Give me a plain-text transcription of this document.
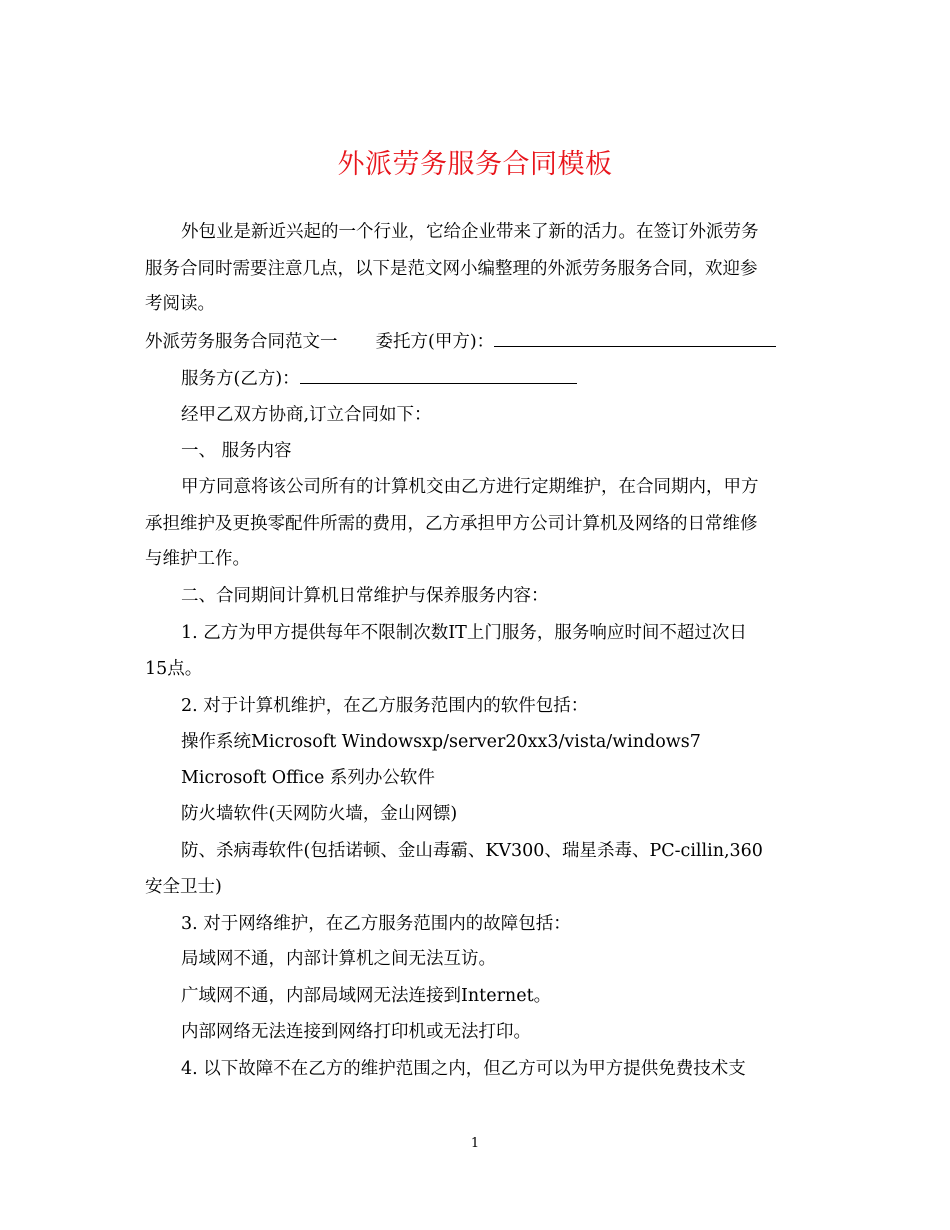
外派劳务服务合同模板
外包业是新近兴起的一个行业，它给企业带来了新的活力。在签订外派劳务
服务合同时需要注意几点，以下是范文网小编整理的外派劳务服务合同，欢迎参
考阅读。
外派劳务服务合同范文一 委托方(甲方)：
服务方(乙方)：
经甲乙双方协商,订立合同如下：
一、 服务内容
甲方同意将该公司所有的计算机交由乙方进行定期维护，在合同期内，甲方
承担维护及更换零配件所需的费用，乙方承担甲方公司计算机及网络的日常维修
与维护工作。
二、合同期间计算机日常维护与保养服务内容：
1. 乙方为甲方提供每年不限制次数IT上门服务，服务响应时间不超过次日
15点。
2. 对于计算机维护，在乙方服务范围内的软件包括：
操作系统Microsoft Windowsxp/server20xx3/vista/windows7
Microsoft Office 系列办公软件
防火墙软件(天网防火墙，金山网镖)
防、杀病毒软件(包括诺顿、金山毒霸、KV300、瑞星杀毒、PC-cillin,360
安全卫士)
3. 对于网络维护，在乙方服务范围内的故障包括：
局域网不通，内部计算机之间无法互访。
广域网不通，内部局域网无法连接到Internet。
内部网络无法连接到网络打印机或无法打印。
4. 以下故障不在乙方的维护范围之内，但乙方可以为甲方提供免费技术支
1
